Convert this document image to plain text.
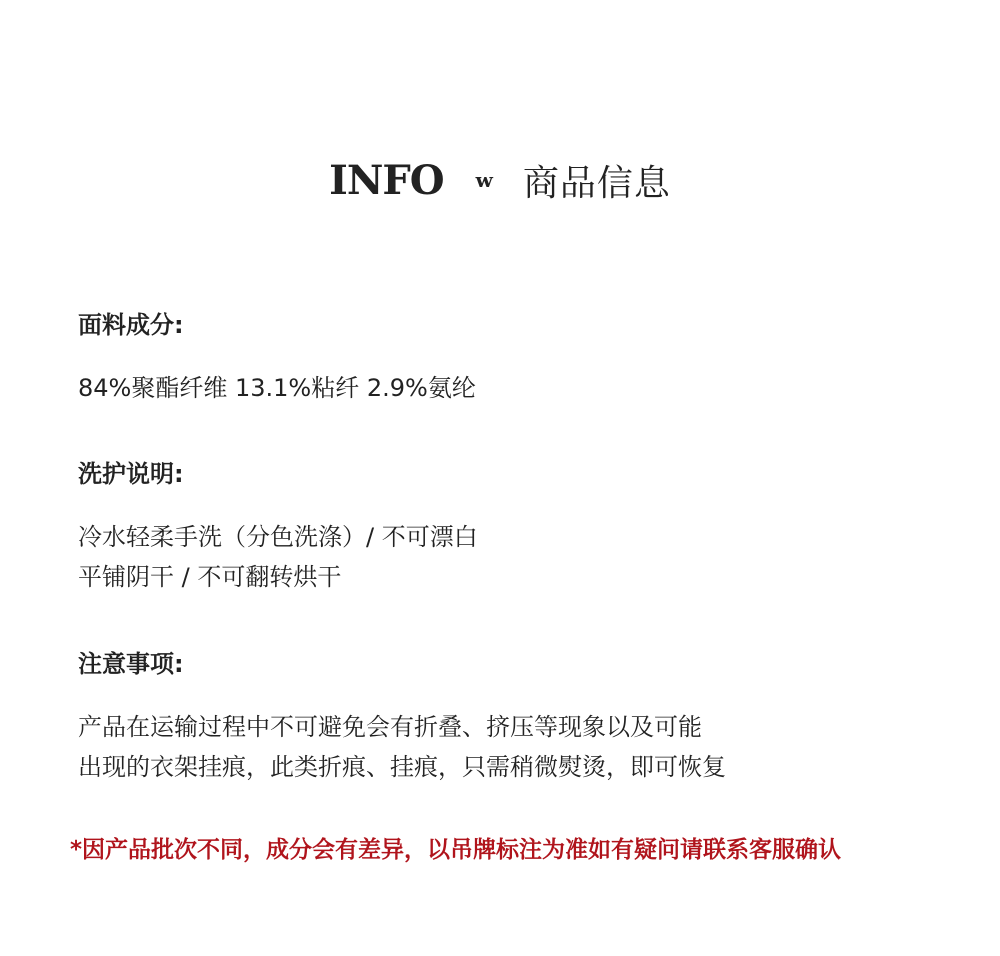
INFO w 商品信息
面料成分:
84%聚酯纤维 13.1%粘纤 2.9%氨纶
洗护说明:
冷水轻柔手洗（分色洗涤）/ 不可漂白
平铺阴干 / 不可翻转烘干
注意事项:
产品在运输过程中不可避免会有折叠、挤压等现象以及可能
出现的衣架挂痕，此类折痕、挂痕，只需稍微熨烫，即可恢复
*因产品批次不同，成分会有差异，以吊牌标注为准如有疑问请联系客服确认
